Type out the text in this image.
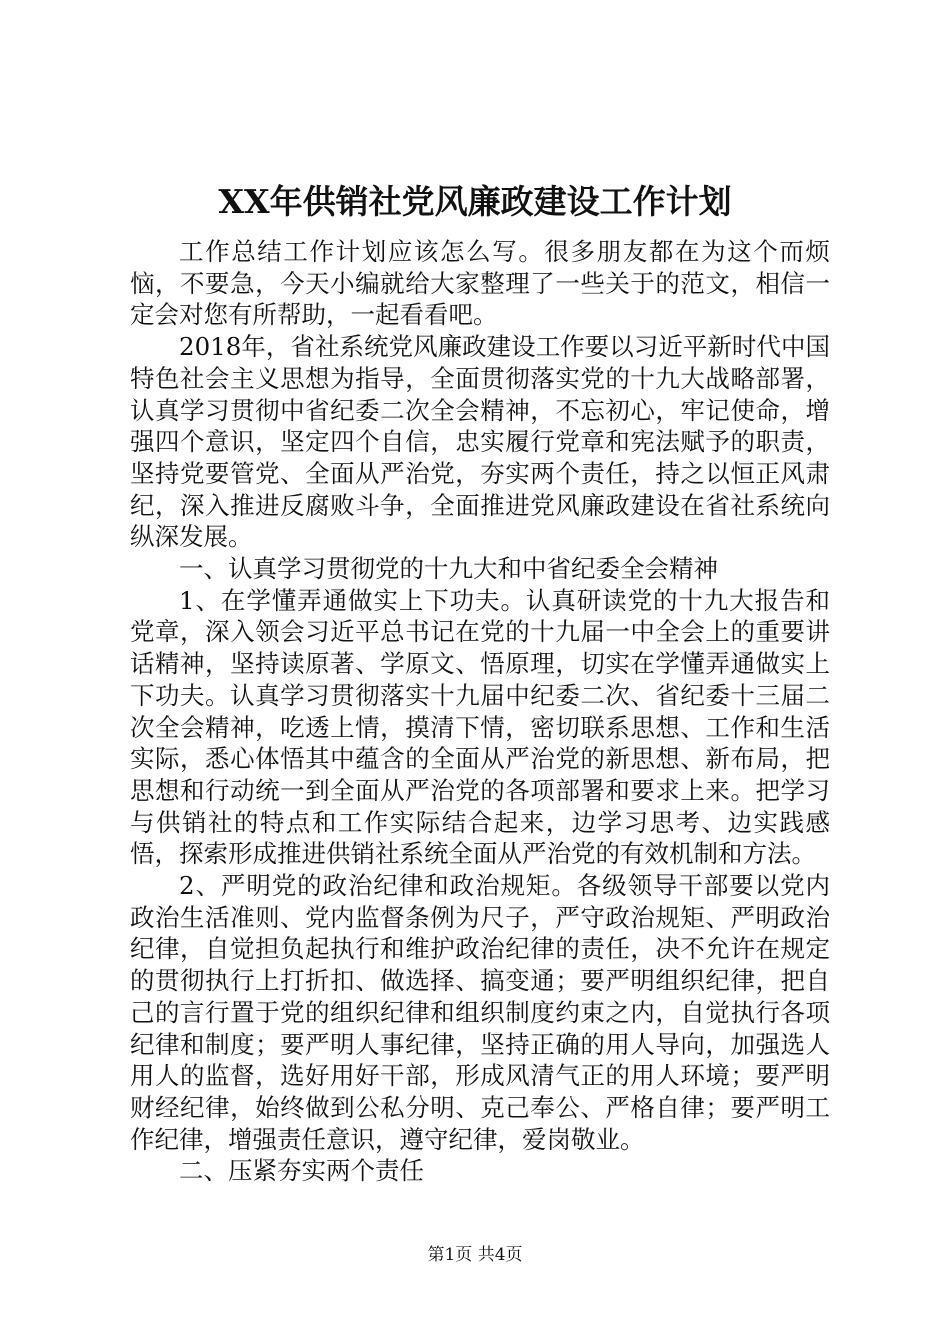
XX年供销社党风廉政建设工作计划

工作总结工作计划应该怎么写。很多朋友都在为这个而烦恼，不要急，今天小编就给大家整理了一些关于的范文，相信一定会对您有所帮助，一起看看吧。

2018年，省社系统党风廉政建设工作要以习近平新时代中国特色社会主义思想为指导，全面贯彻落实党的十九大战略部署，认真学习贯彻中省纪委二次全会精神，不忘初心，牢记使命，增强四个意识，坚定四个自信，忠实履行党章和宪法赋予的职责，坚持党要管党、全面从严治党，夯实两个责任，持之以恒正风肃纪，深入推进反腐败斗争，全面推进党风廉政建设在省社系统向纵深发展。

一、认真学习贯彻党的十九大和中省纪委全会精神

1、在学懂弄通做实上下功夫。认真研读党的十九大报告和党章，深入领会习近平总书记在党的十九届一中全会上的重要讲话精神，坚持读原著、学原文、悟原理，切实在学懂弄通做实上下功夫。认真学习贯彻落实十九届中纪委二次、省纪委十三届二次全会精神，吃透上情，摸清下情，密切联系思想、工作和生活实际，悉心体悟其中蕴含的全面从严治党的新思想、新布局，把思想和行动统一到全面从严治党的各项部署和要求上来。把学习与供销社的特点和工作实际结合起来，边学习思考、边实践感悟，探索形成推进供销社系统全面从严治党的有效机制和方法。

2、严明党的政治纪律和政治规矩。各级领导干部要以党内政治生活准则、党内监督条例为尺子，严守政治规矩、严明政治纪律，自觉担负起执行和维护政治纪律的责任，决不允许在规定的贯彻执行上打折扣、做选择、搞变通；要严明组织纪律，把自己的言行置于党的组织纪律和组织制度约束之内，自觉执行各项纪律和制度；要严明人事纪律，坚持正确的用人导向，加强选人用人的监督，选好用好干部，形成风清气正的用人环境；要严明财经纪律，始终做到公私分明、克己奉公、严格自律；要严明工作纪律，增强责任意识，遵守纪律，爱岗敬业。

二、压紧夯实两个责任

第1页 共4页
